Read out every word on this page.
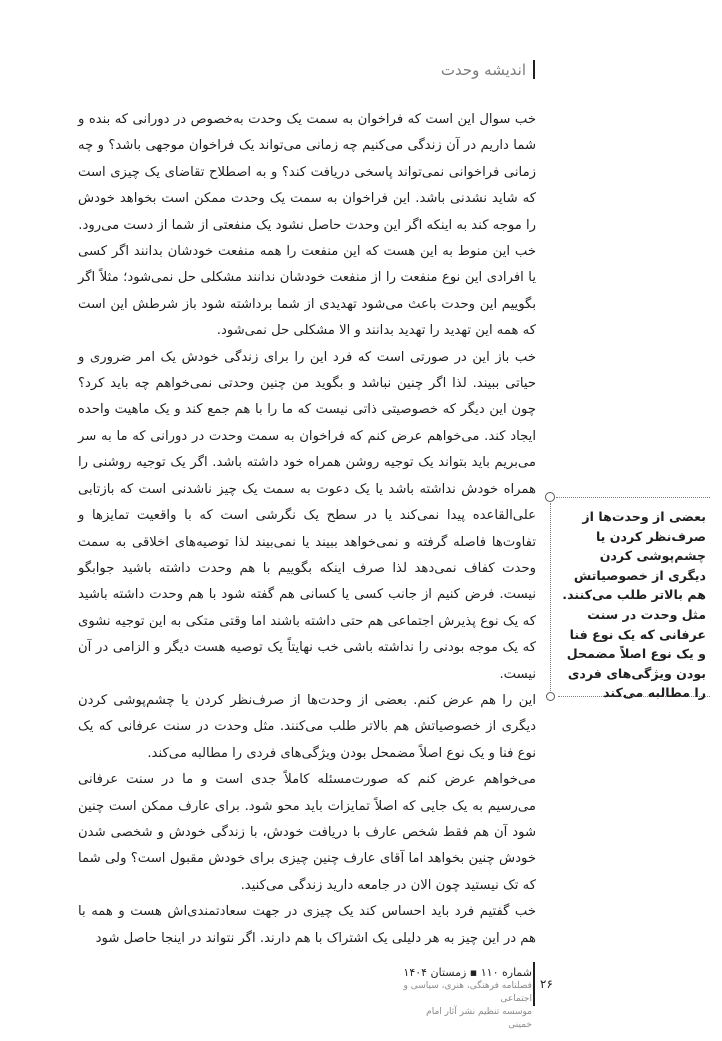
اندیشه وحدت

خب سوال این است که فراخوان به سمت یک وحدت به‌خصوص در دورانی که بنده و شما داریم در آن زندگی می‌کنیم چه زمانی می‌تواند یک فراخوان موجهی باشد؟ و چه زمانی فراخوانی نمی‌تواند پاسخی دریافت کند؟ و به اصطلاح تقاضای یک چیزی است که شاید نشدنی باشد. این فراخوان به سمت یک وحدت ممکن است بخواهد خودش را موجه کند به اینکه اگر این وحدت حاصل نشود یک منفعتی از شما از دست می‌رود.

خب این منوط به این هست که این منفعت را همه منفعت خودشان بدانند اگر کسی یا افرادی این نوع منفعت را از منفعت خودشان ندانند مشکلی حل نمی‌شود؛ مثلاً اگر بگوییم این وحدت باعث می‌شود تهدیدی از شما برداشته شود باز شرطش این است که همه این تهدید را تهدید بدانند و الا مشکلی حل نمی‌شود.

خب باز این در صورتی است که فرد این را برای زندگی خودش یک امر ضروری و حیاتی ببیند. لذا اگر چنین نباشد و بگوید من چنین وحدتی نمی‌خواهم چه باید کرد؟ چون این دیگر که خصوصیتی ذاتی نیست که ما را با هم جمع کند و یک ماهیت واحده ایجاد کند. می‌خواهم عرض کنم که فراخوان به سمت وحدت در دورانی که ما به سر می‌بریم باید بتواند یک توجیه روشن همراه خود داشته باشد. اگر یک توجیه روشنی را همراه خودش نداشته باشد یا یک دعوت به سمت یک چیز ناشدنی است که بازتابی علی‌القاعده پیدا نمی‌کند یا در سطح یک نگرشی است که با واقعیت تمایزها و تفاوت‌ها فاصله گرفته و نمی‌خواهد ببیند یا نمی‌بیند لذا توصیه‌های اخلاقی به سمت وحدت کفاف نمی‌دهد لذا صرف اینکه بگوییم با هم وحدت داشته باشید جوابگو نیست. فرض کنیم از جانب کسی یا کسانی هم گفته شود با هم وحدت داشته باشید که یک نوع پذیرش اجتماعی هم حتی داشته باشند اما وقتی متکی به این توجیه نشوی که یک موجه بودنی را نداشته باشی خب نهایتاً یک توصیه هست دیگر و الزامی در آن نیست.

این را هم عرض کنم. بعضی از وحدت‌ها از صرف‌نظر کردن یا چشم‌پوشی کردن دیگری از خصوصیاتش هم بالاتر طلب می‌کنند. مثل وحدت در سنت عرفانی که یک نوع فنا و یک نوع اصلاً مضمحل بودن ویژگی‌های فردی را مطالبه می‌کند.

می‌خواهم عرض کنم که صورت‌مسئله کاملاً جدی است و ما در سنت عرفانی می‌رسیم به یک جایی که اصلاً تمایزات باید محو شود. برای عارف ممکن است چنین شود آن هم فقط شخص عارف با دریافت خودش، با زندگی خودش و شخصی شدن خودش چنین بخواهد اما آقای عارف چنین چیزی برای خودش مقبول است؟ ولی شما که تک نیستید چون الان در جامعه دارید زندگی می‌کنید.

خب گفتیم فرد باید احساس کند یک چیزی در جهت سعادتمندی‌اش هست و همه با هم در این چیز به هر دلیلی یک اشتراک با هم دارند. اگر نتواند در اینجا حاصل شود

بعضی از وحدت‌ها از صرف‌نظر کردن یا چشم‌پوشی کردن دیگری از خصوصیاتش هم بالاتر طلب می‌کنند. مثل وحدت در سنت عرفانی که یک نوع فنا و یک نوع اصلاً مضمحل بودن ویژگی‌های فردی را مطالبه می‌کند
شماره ۱۱۰ ▪ زمستان ۱۴۰۴
فصلنامه فرهنگی، هنری، سیاسی و اجتماعی
موسسه تنظیم نشر آثار امام خمینی
۲۶
